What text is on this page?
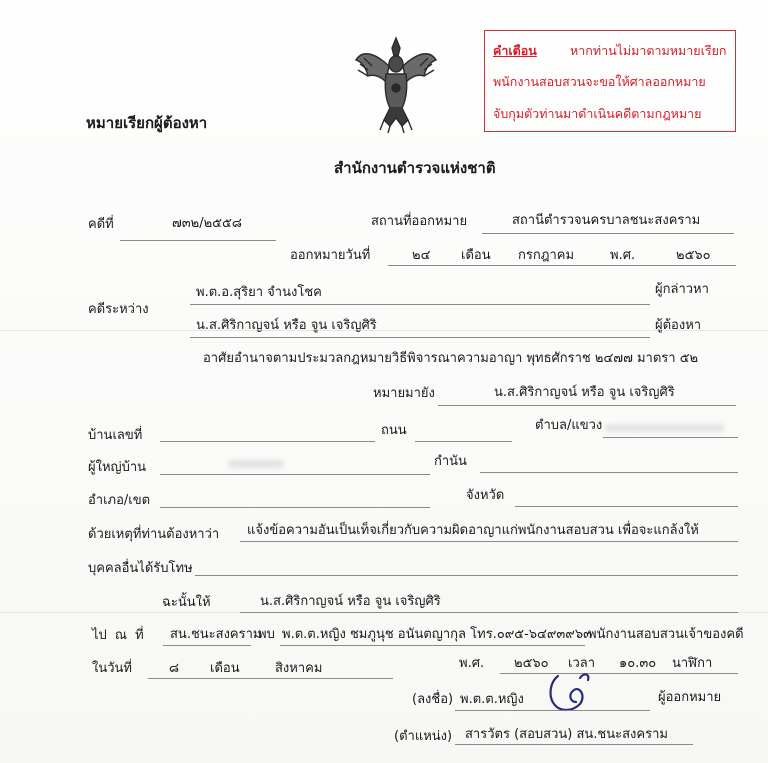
คำเตือน	หากท่านไม่มาตามหมายเรียก
พนักงานสอบสวนจะขอให้ศาลออกหมาย
จับกุมตัวท่านมาดำเนินคดีตามกฎหมาย
หมายเรียกผู้ต้องหา
สำนักงานตำรวจแห่งชาติ
คดีที่	๗๓๒/๒๕๕๘	สถานที่ออกหมาย	สถานีตำรวจนครบาลชนะสงคราม
ออกหมายวันที่	๒๔ เดือน กรกฎาคม	พ.ศ.	๒๕๖๐
คดีระหว่าง
พ.ต.อ.สุริยา จำนงโชค	ผู้กล่าวหา
น.ส.ศิริกาญจน์ หรือ จูน เจริญศิริ	ผู้ต้องหา
อาศัยอำนาจตามประมวลกฎหมายวิธีพิจารณาความอาญา พุทธศักราช ๒๔๗๗ มาตรา ๕๒
หมายมายัง	น.ส.ศิริกาญจน์ หรือ จูน เจริญศิริ
บ้านเลขที่	ถนน	ตำบล/แขวง
ผู้ใหญ่บ้าน	กำนัน
อำเภอ/เขต	จังหวัด
ด้วยเหตุที่ท่านต้องหาว่า แจ้งข้อความอันเป็นเท็จเกี่ยวกับความผิดอาญาแก่พนักงานสอบสวน เพื่อจะแกล้งให้
บุคคลอื่นได้รับโทษ
ฉะนั้นให้	น.ส.ศิริกาญจน์ หรือ จูน เจริญศิริ
ไป ณ ที่ สน.ชนะสงคราม
พบ พ.ต.ต.หญิง ชมภูนุช อนันตญากุล โทร.๐๙๕-๖๔๙๓๙๖๓
พนักงานสอบสวนเจ้าของคดี
ในวันที่	๘ เดือน	สิงหาคม	พ.ศ. ๒๕๖๐ เวลา ๑๐.๓๐ นาฬิกา
(ลงชื่อ) พ.ต.ต.หญิง	ผู้ออกหมาย
(ตำแหน่ง) สารวัตร (สอบสวน) สน.ชนะสงคราม
